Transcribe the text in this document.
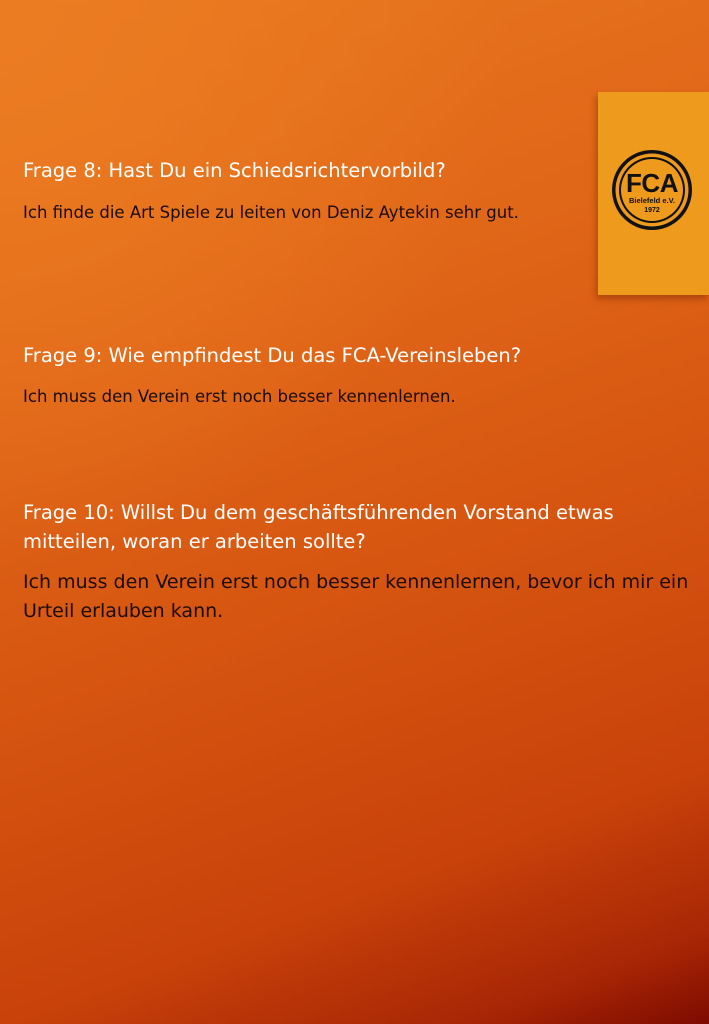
FCA
Bielefeld e.V.
1972
Frage 8: Hast Du ein Schiedsrichtervorbild?

Ich finde die Art Spiele zu leiten von Deniz Aytekin sehr gut.

Frage 9: Wie empfindest Du das FCA-Vereinsleben?

Ich muss den Verein erst noch besser kennenlernen.

Frage 10: Willst Du dem geschäftsführenden Vorstand etwas mitteilen, woran er arbeiten sollte?

Ich muss den Verein erst noch besser kennenlernen, bevor ich mir ein Urteil erlauben kann.
